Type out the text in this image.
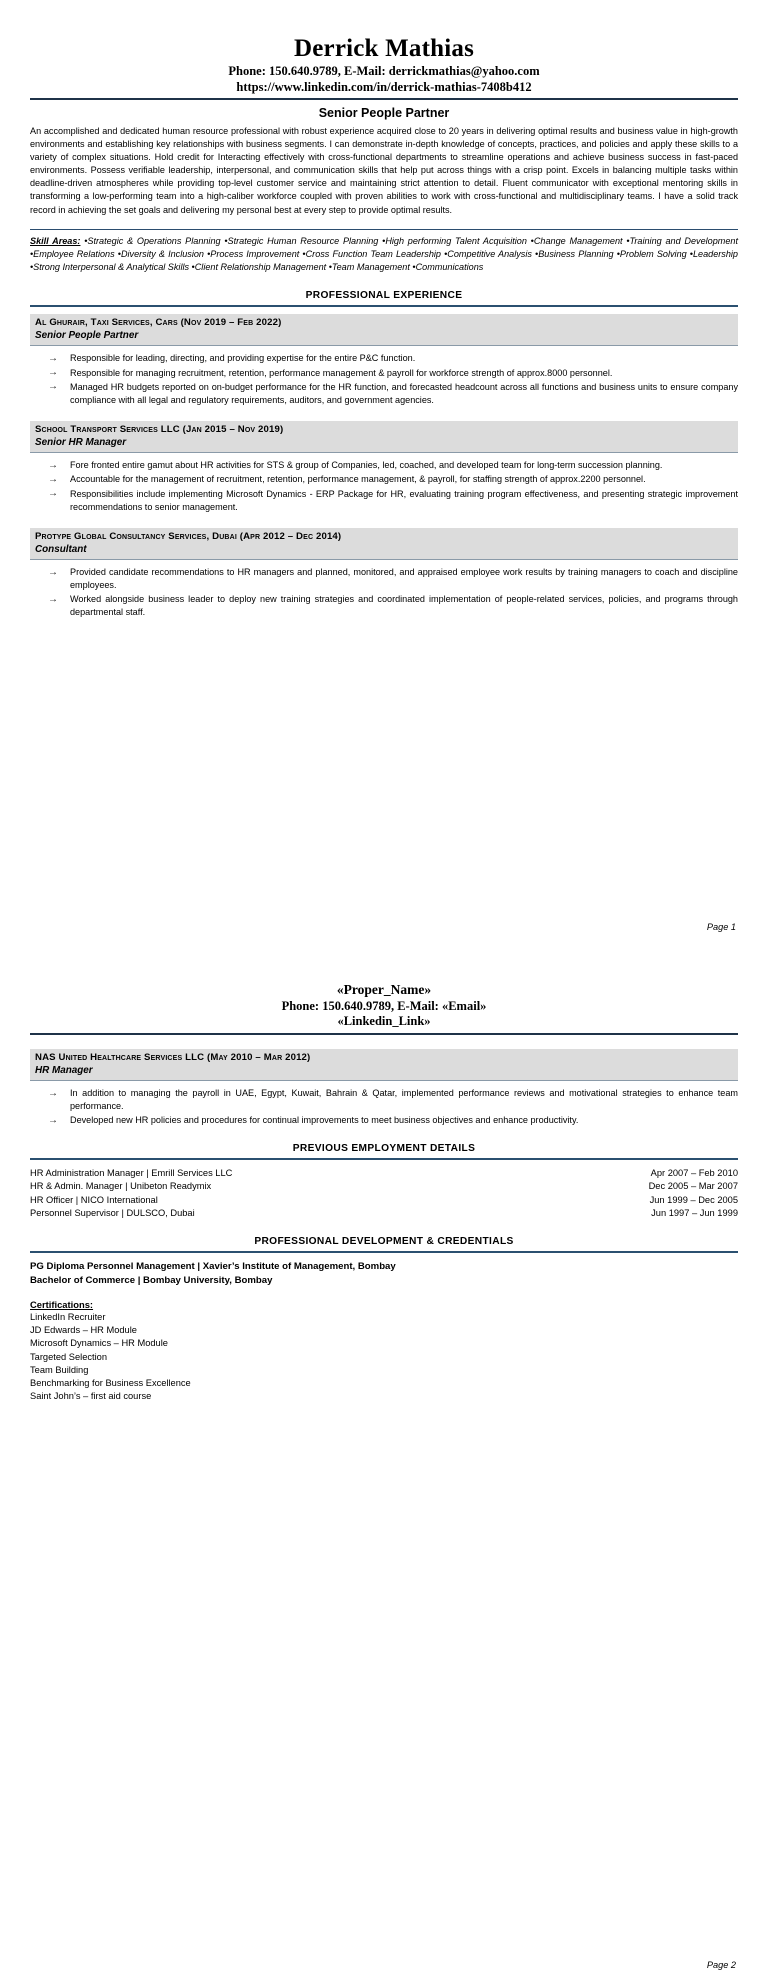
Derrick Mathias
Phone: 150.640.9789, E-Mail: derrickmathias@yahoo.com
https://www.linkedin.com/in/derrick-mathias-7408b412
Senior People Partner

An accomplished and dedicated human resource professional with robust experience acquired close to 20 years in delivering optimal results and business value in high-growth environments and establishing key relationships with business segments. I can demonstrate in-depth knowledge of concepts, practices, and policies and apply these skills to a variety of complex situations. Hold credit for Interacting effectively with cross-functional departments to streamline operations and achieve business success in fast-paced environments. Possess verifiable leadership, interpersonal, and communication skills that help put across things with a crisp point. Excels in balancing multiple tasks within deadline-driven atmospheres while providing top-level customer service and maintaining strict attention to detail. Fluent communicator with exceptional mentoring skills in transforming a low-performing team into a high-caliber workforce coupled with proven abilities to work with cross-functional and multidisciplinary teams. I have a solid track record in achieving the set goals and delivering my personal best at every step to provide optimal results.

Skill Areas: •Strategic & Operations Planning •Strategic Human Resource Planning •High performing Talent Acquisition •Change Management •Training and Development •Employee Relations •Diversity & Inclusion •Process Improvement •Cross Function Team Leadership •Competitive Analysis •Business Planning •Problem Solving •Leadership •Strong Interpersonal & Analytical Skills •Client Relationship Management •Team Management •Communications

PROFESSIONAL EXPERIENCE
Al Ghurair, Taxi Services, Cars (Nov 2019 – Feb 2022)
Senior People Partner
→ Responsible for leading, directing, and providing expertise for the entire P&C function.
→ Responsible for managing recruitment, retention, performance management & payroll for workforce strength of approx.8000 personnel.
→ Managed HR budgets reported on on-budget performance for the HR function, and forecasted headcount across all functions and business units to ensure company compliance with all legal and regulatory requirements, auditors, and government agencies.
School Transport Services LLC (Jan 2015 – Nov 2019)
Senior HR Manager
→ Fore fronted entire gamut about HR activities for STS & group of Companies, led, coached, and developed team for long-term succession planning.
→ Accountable for the management of recruitment, retention, performance management, & payroll, for staffing strength of approx.2200 personnel.
→ Responsibilities include implementing Microsoft Dynamics - ERP Package for HR, evaluating training program effectiveness, and presenting strategic improvement recommendations to senior management.
Protype Global Consultancy Services, Dubai (Apr 2012 – Dec 2014)
Consultant
→ Provided candidate recommendations to HR managers and planned, monitored, and appraised employee work results by training managers to coach and discipline employees.
→ Worked alongside business leader to deploy new training strategies and coordinated implementation of people-related services, policies, and programs through departmental staff.
Page 1
«Proper_Name»
Phone: 150.640.9789, E-Mail: «Email»
«Linkedin_Link»
NAS United Healthcare Services LLC (May 2010 – Mar 2012)
HR Manager
→ In addition to managing the payroll in UAE, Egypt, Kuwait, Bahrain & Qatar, implemented performance reviews and motivational strategies to enhance team performance.
→ Developed new HR policies and procedures for continual improvements to meet business objectives and enhance productivity.
PREVIOUS EMPLOYMENT DETAILS
HR Administration Manager | Emrill Services LLC	Apr 2007 – Feb 2010
HR & Admin. Manager | Unibeton Readymix	Dec 2005 – Mar 2007
HR Officer | NICO International	Jun 1999 – Dec 2005
Personnel Supervisor | DULSCO, Dubai	Jun 1997 – Jun 1999
PROFESSIONAL DEVELOPMENT & CREDENTIALS
PG Diploma Personnel Management | Xavier’s Institute of Management, Bombay
Bachelor of Commerce | Bombay University, Bombay
Certifications:
LinkedIn Recruiter
JD Edwards – HR Module
Microsoft Dynamics – HR Module
Targeted Selection
Team Building
Benchmarking for Business Excellence
Saint John’s – first aid course
Page 2
